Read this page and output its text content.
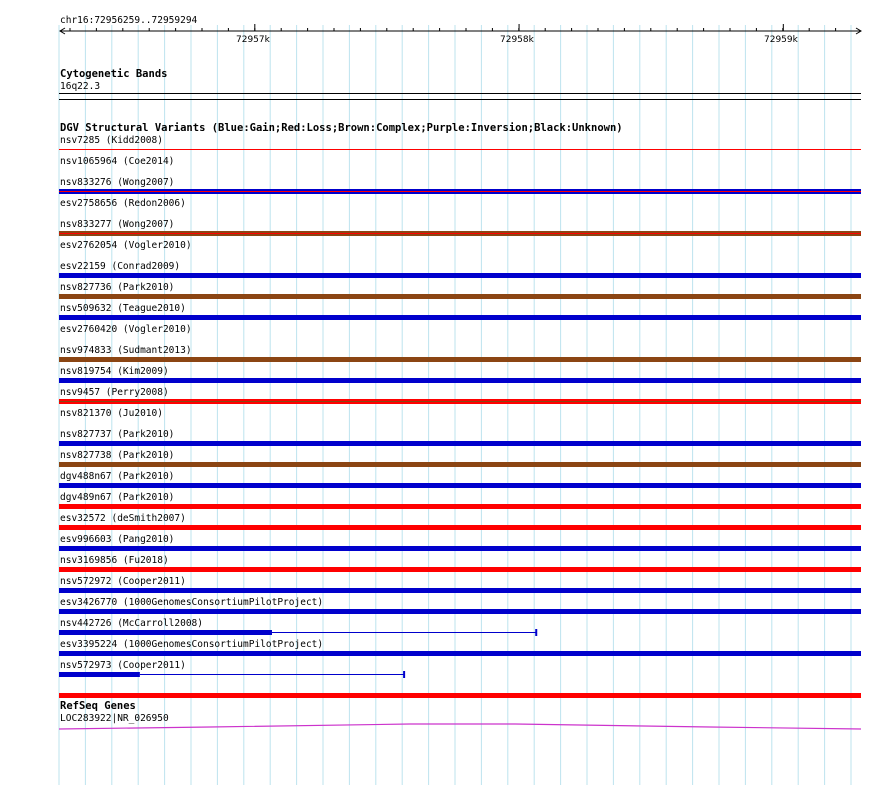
chr16:72956259..72959294
72957k	72958k	72959k
Cytogenetic Bands
16q22.3
DGV Structural Variants (Blue:Gain;Red:Loss;Brown:Complex;Purple:Inversion;Black:Unknown)
nsv7285 (Kidd2008)
nsv1065964 (Coe2014)
nsv833276 (Wong2007)
esv2758656 (Redon2006)
nsv833277 (Wong2007)
esv2762054 (Vogler2010)
esv22159 (Conrad2009)
nsv827736 (Park2010)
nsv509632 (Teague2010)
esv2760420 (Vogler2010)
nsv974833 (Sudmant2013)
nsv819754 (Kim2009)
nsv9457 (Perry2008)
nsv821370 (Ju2010)
nsv827737 (Park2010)
nsv827738 (Park2010)
dgv488n67 (Park2010)
dgv489n67 (Park2010)
esv32572 (deSmith2007)
esv996603 (Pang2010)
nsv3169856 (Fu2018)
nsv572972 (Cooper2011)
esv3426770 (1000GenomesConsortiumPilotProject)
nsv442726 (McCarroll2008)
esv3395224 (1000GenomesConsortiumPilotProject)
nsv572973 (Cooper2011)
RefSeq Genes
LOC283922|NR_026950
